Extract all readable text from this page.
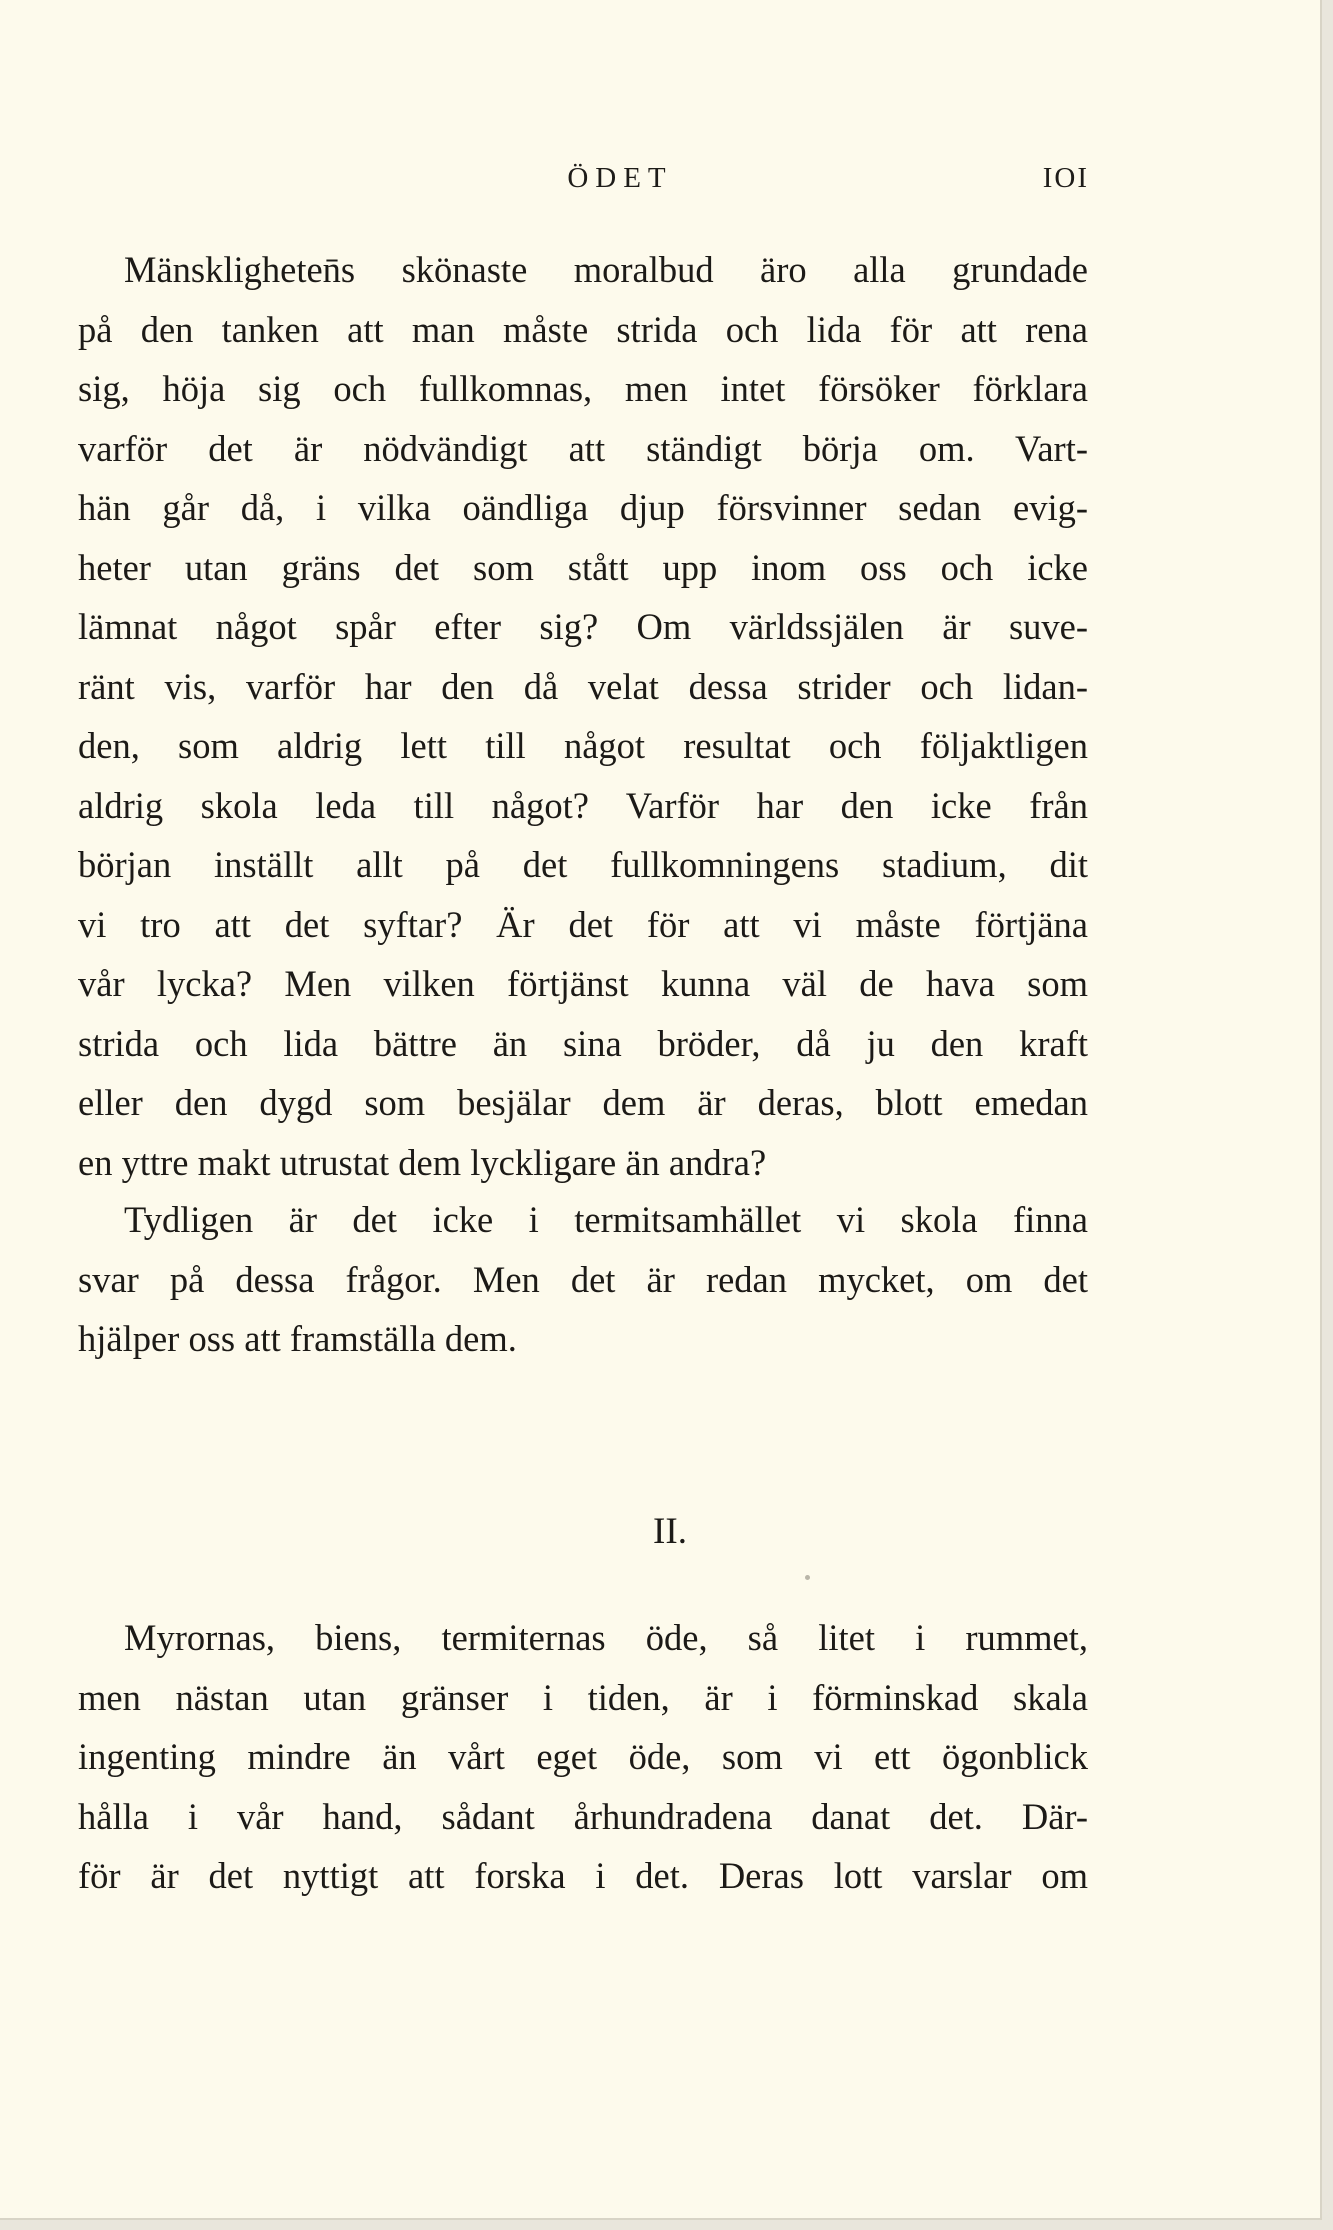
ÖDET	IOI

Mänskligheten̄s skönaste moralbud äro alla grundade
på den tanken att man måste strida och lida för att rena
sig, höja sig och fullkomnas, men intet försöker förklara
varför det är nödvändigt att ständigt börja om. Vart-
hän går då, i vilka oändliga djup försvinner sedan evig-
heter utan gräns det som stått upp inom oss och icke
lämnat något spår efter sig? Om världssjälen är suve-
ränt vis, varför har den då velat dessa strider och lidan-
den, som aldrig lett till något resultat och följaktligen
aldrig skola leda till något? Varför har den icke från
början inställt allt på det fullkomningens stadium, dit
vi tro att det syftar? Är det för att vi måste förtjäna
vår lycka? Men vilken förtjänst kunna väl de hava som
strida och lida bättre än sina bröder, då ju den kraft
eller den dygd som besjälar dem är deras, blott emedan
en yttre makt utrustat dem lyckligare än andra?

Tydligen är det icke i termitsamhället vi skola finna
svar på dessa frågor. Men det är redan mycket, om det
hjälper oss att framställa dem.

II.

Myrornas, biens, termiternas öde, så litet i rummet,
men nästan utan gränser i tiden, är i förminskad skala
ingenting mindre än vårt eget öde, som vi ett ögonblick
hålla i vår hand, sådant århundradena danat det. Där-
för är det nyttigt att forska i det. Deras lott varslar om
